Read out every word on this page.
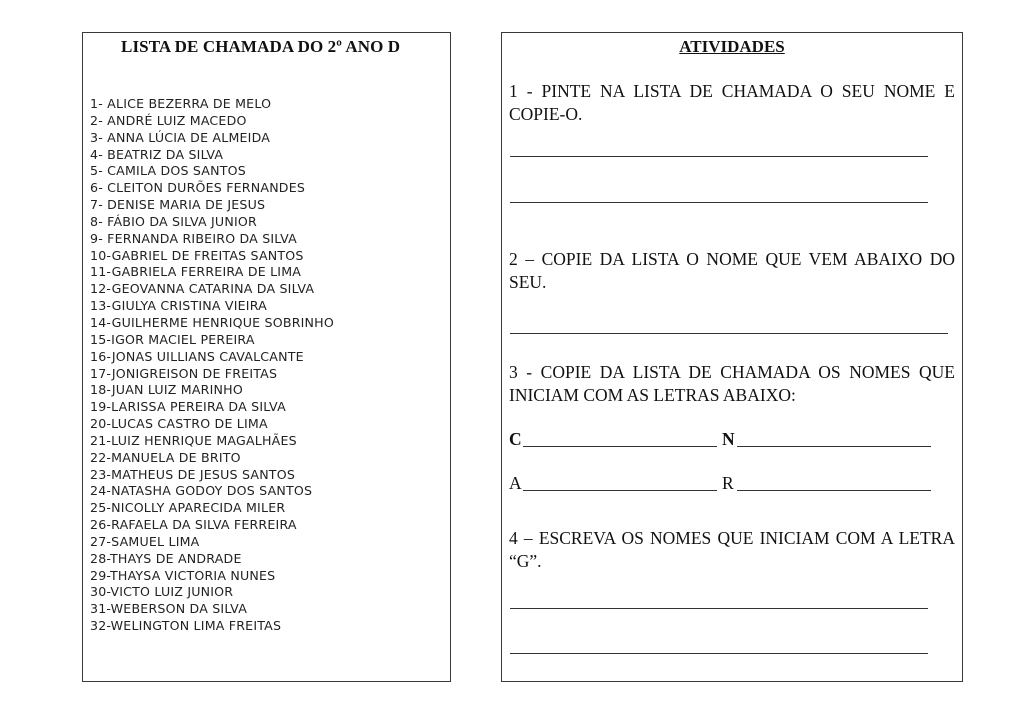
LISTA DE CHAMADA DO 2º ANO D
1- ALICE BEZERRA DE MELO
2- ANDRÉ LUIZ MACEDO
3- ANNA LÚCIA DE ALMEIDA
4- BEATRIZ DA SILVA
5- CAMILA DOS SANTOS
6- CLEITON DURÕES FERNANDES
7- DENISE MARIA DE JESUS
8- FÁBIO DA SILVA JUNIOR
9- FERNANDA RIBEIRO DA SILVA
10-GABRIEL DE FREITAS SANTOS
11-GABRIELA FERREIRA DE LIMA
12-GEOVANNA CATARINA DA SILVA
13-GIULYA CRISTINA VIEIRA
14-GUILHERME HENRIQUE SOBRINHO
15-IGOR MACIEL PEREIRA
16-JONAS UILLIANS CAVALCANTE
17-JONIGREISON DE FREITAS
18-JUAN LUIZ MARINHO
19-LARISSA PEREIRA DA SILVA
20-LUCAS CASTRO DE LIMA
21-LUIZ HENRIQUE MAGALHÃES
22-MANUELA DE BRITO
23-MATHEUS DE JESUS SANTOS
24-NATASHA GODOY DOS SANTOS
25-NICOLLY APARECIDA MILER
26-RAFAELA DA SILVA FERREIRA
27-SAMUEL LIMA
28-THAYS DE ANDRADE
29-THAYSA VICTORIA NUNES
30-VICTO LUIZ JUNIOR
31-WEBERSON DA SILVA
32-WELINGTON LIMA FREITAS
ATIVIDADES
1 - PINTE NA LISTA DE CHAMADA O SEU NOME E COPIE-O.
2 – COPIE DA LISTA O NOME QUE VEM ABAIXO DO SEU.
3 - COPIE DA LISTA DE CHAMADA OS NOMES QUE INICIAM COM AS LETRAS ABAIXO:
C	N
A	R
4 – ESCREVA OS NOMES QUE INICIAM COM A LETRA “G”.
